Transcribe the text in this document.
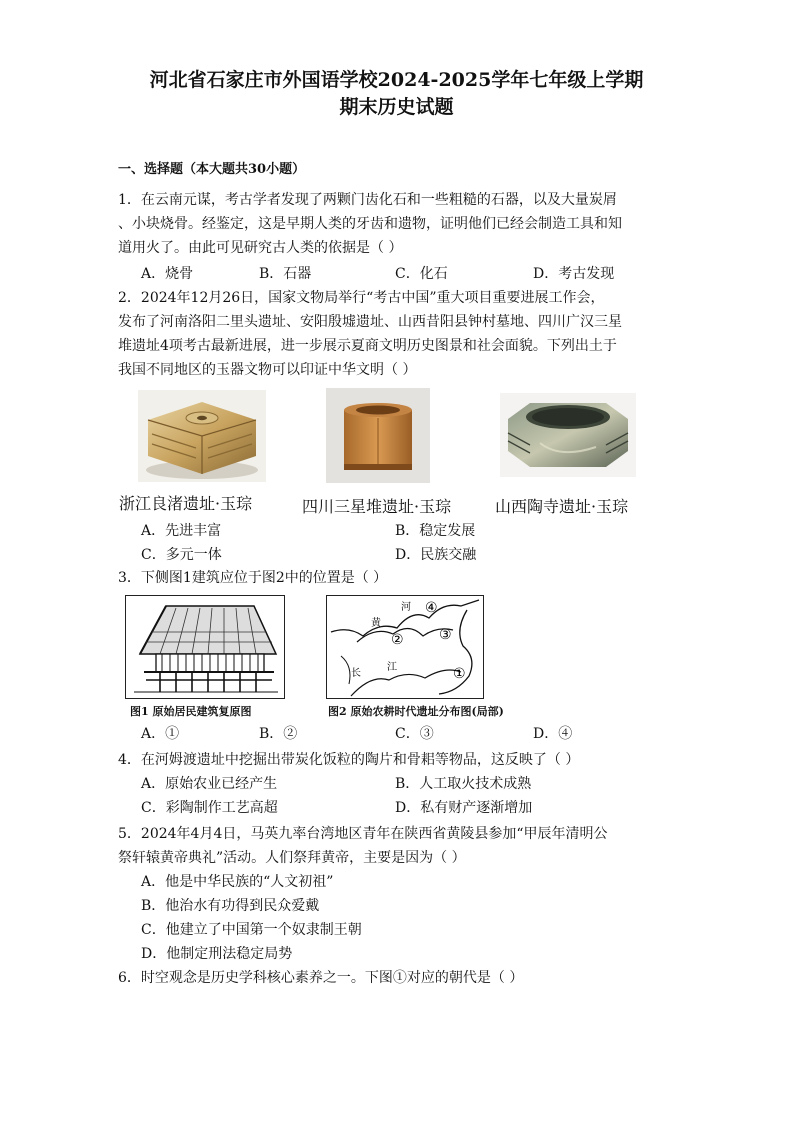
河北省石家庄市外国语学校2024-2025学年七年级上学期
期末历史试题
一、选择题（本大题共30小题）
1．在云南元谋，考古学者发现了两颗门齿化石和一些粗糙的石器，以及大量炭屑
、小块烧骨。经鉴定，这是早期人类的牙齿和遗物，证明他们已经会制造工具和知
道用火了。由此可见研究古人类的依据是（ ）
A．烧骨	B．石器	C．化石	D．考古发现
2．2024年12月26日，国家文物局举行“考古中国”重大项目重要进展工作会，
发布了河南洛阳二里头遗址、安阳殷墟遗址、山西昔阳县钟村墓地、四川广汉三星
堆遗址4项考古最新进展，进一步展示夏商文明历史图景和社会面貌。下列出土于
我国不同地区的玉器文物可以印证中华文明（ ）
浙江良渚遗址·玉琮	四川三星堆遗址·玉琮	山西陶寺遗址·玉琮
A．先进丰富	B．稳定发展
C．多元一体	D．民族交融
3．下侧图1建筑应位于图2中的位置是（ ）
黄
河
长
江
②	③
④
①
图1 原始居民建筑复原图	图2 原始农耕时代遗址分布图(局部)
A．①	B．②	C．③	D．④
4．在河姆渡遗址中挖掘出带炭化饭粒的陶片和骨耜等物品，这反映了（ ）
A．原始农业已经产生	B．人工取火技术成熟
C．彩陶制作工艺高超	D．私有财产逐渐增加
5．2024年4月4日，马英九率台湾地区青年在陕西省黄陵县参加“甲辰年清明公
祭轩辕黄帝典礼”活动。人们祭拜黄帝，主要是因为（ ）
A．他是中华民族的“人文初祖”
B．他治水有功得到民众爱戴
C．他建立了中国第一个奴隶制王朝
D．他制定刑法稳定局势
6．时空观念是历史学科核心素养之一。下图①对应的朝代是（ ）
